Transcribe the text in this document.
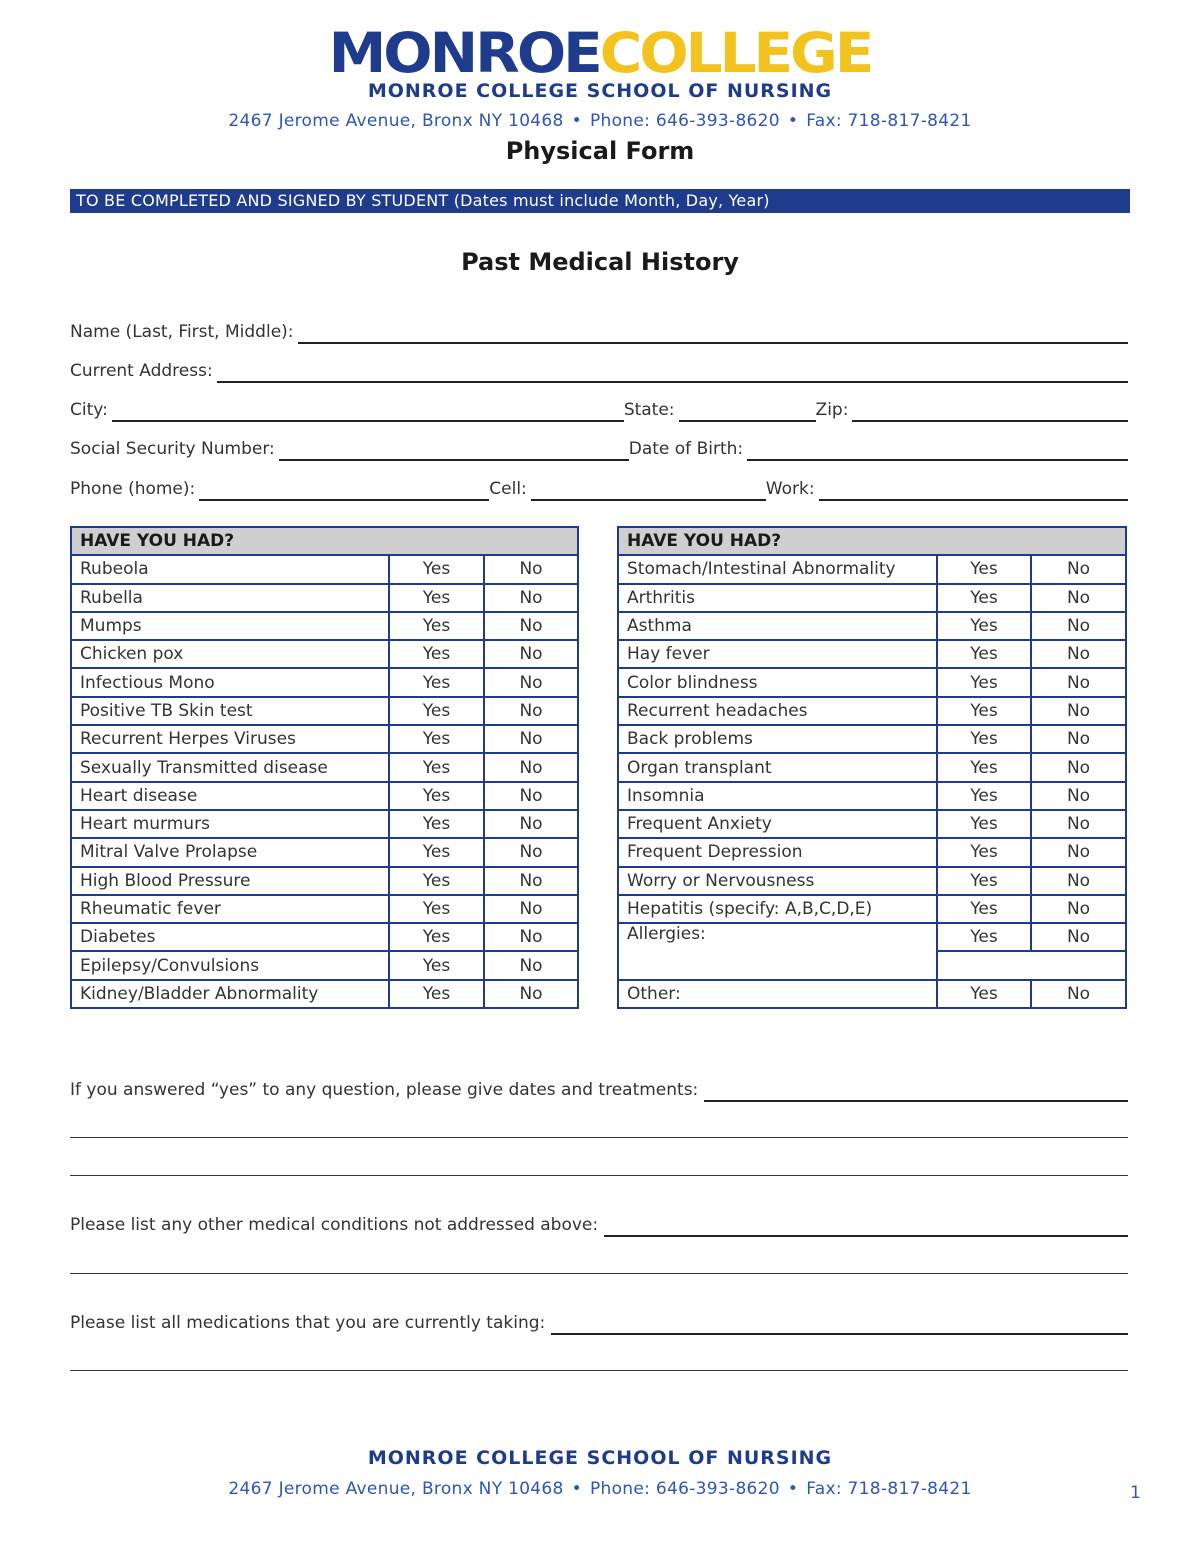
MONROECOLLEGE
MONROE COLLEGE SCHOOL OF NURSING
2467 Jerome Avenue, Bronx NY 10468 • Phone: 646-393-8620 • Fax: 718-817-8421
Physical Form
TO BE COMPLETED AND SIGNED BY STUDENT (Dates must include Month, Day, Year)
Past Medical History
Name (Last, First, Middle):
Current Address:
City:	State:	Zip:
Social Security Number:	Date of Birth:
Phone (home):	Cell:	Work:
HAVE YOU HAD?		
Rubeola	Yes	No
Rubella	Yes	No
Mumps	Yes	No
Chicken pox	Yes	No
Infectious Mono	Yes	No
Positive TB Skin test	Yes	No
Recurrent Herpes Viruses	Yes	No
Sexually Transmitted disease	Yes	No
Heart disease	Yes	No
Heart murmurs	Yes	No
Mitral Valve Prolapse	Yes	No
High Blood Pressure	Yes	No
Rheumatic fever	Yes	No
Diabetes	Yes	No
Epilepsy/Convulsions	Yes	No
Kidney/Bladder Abnormality	Yes	No
HAVE YOU HAD?		
Stomach/Intestinal Abnormality	Yes	No
Arthritis	Yes	No
Asthma	Yes	No
Hay fever	Yes	No
Color blindness	Yes	No
Recurrent headaches	Yes	No
Back problems	Yes	No
Organ transplant	Yes	No
Insomnia	Yes	No
Frequent Anxiety	Yes	No
Frequent Depression	Yes	No
Worry or Nervousness	Yes	No
Hepatitis (specify: A,B,C,D,E)	Yes	No
Allergies:	Yes	No

Other:	Yes	No
If you answered “yes” to any question, please give dates and treatments:
Please list any other medical conditions not addressed above:
Please list all medications that you are currently taking:
MONROE COLLEGE SCHOOL OF NURSING
2467 Jerome Avenue, Bronx NY 10468 • Phone: 646-393-8620 • Fax: 718-817-8421	1
